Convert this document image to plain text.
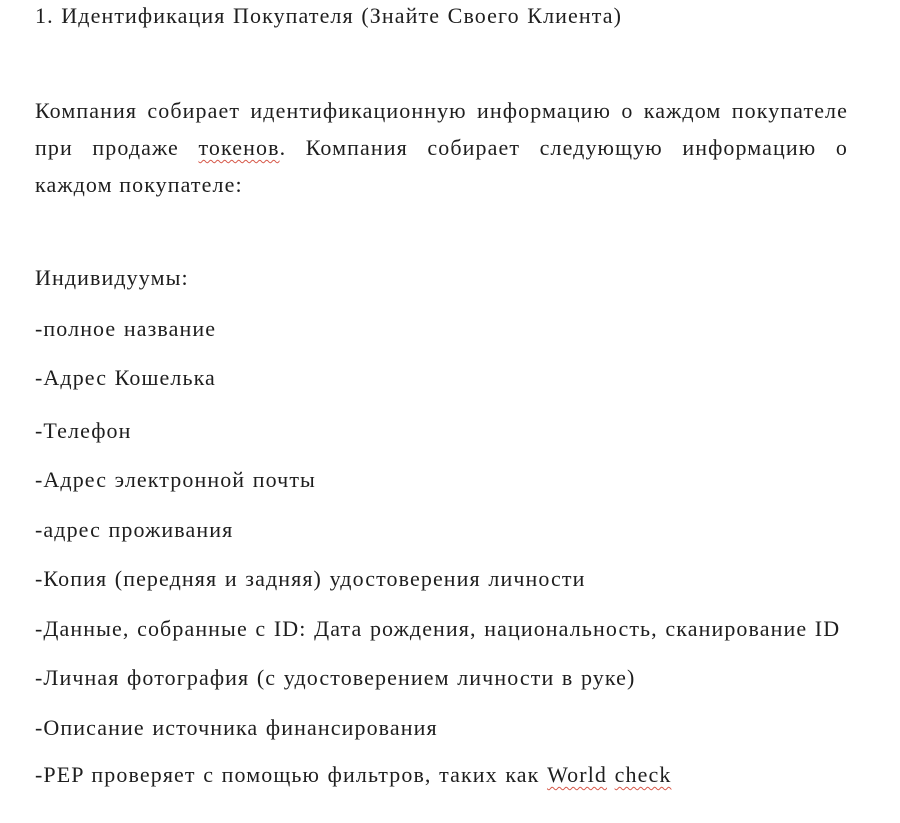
1. Идентификация Покупателя (Знайте Своего Клиента)
Компания собирает идентификационную информацию о каждом покупателе
при продаже токенов. Компания собирает следующую информацию о
каждом покупателе:
Индивидуумы:
-полное название
-Адрес Кошелька
-Телефон
-Адрес электронной почты
-адрес проживания
-Копия (передняя и задняя) удостоверения личности
-Данные, собранные с ID: Дата рождения, национальность, сканирование ID
-Личная фотография (с удостоверением личности в руке)
-Описание источника финансирования
-PEP проверяет с помощью фильтров, таких как World check
